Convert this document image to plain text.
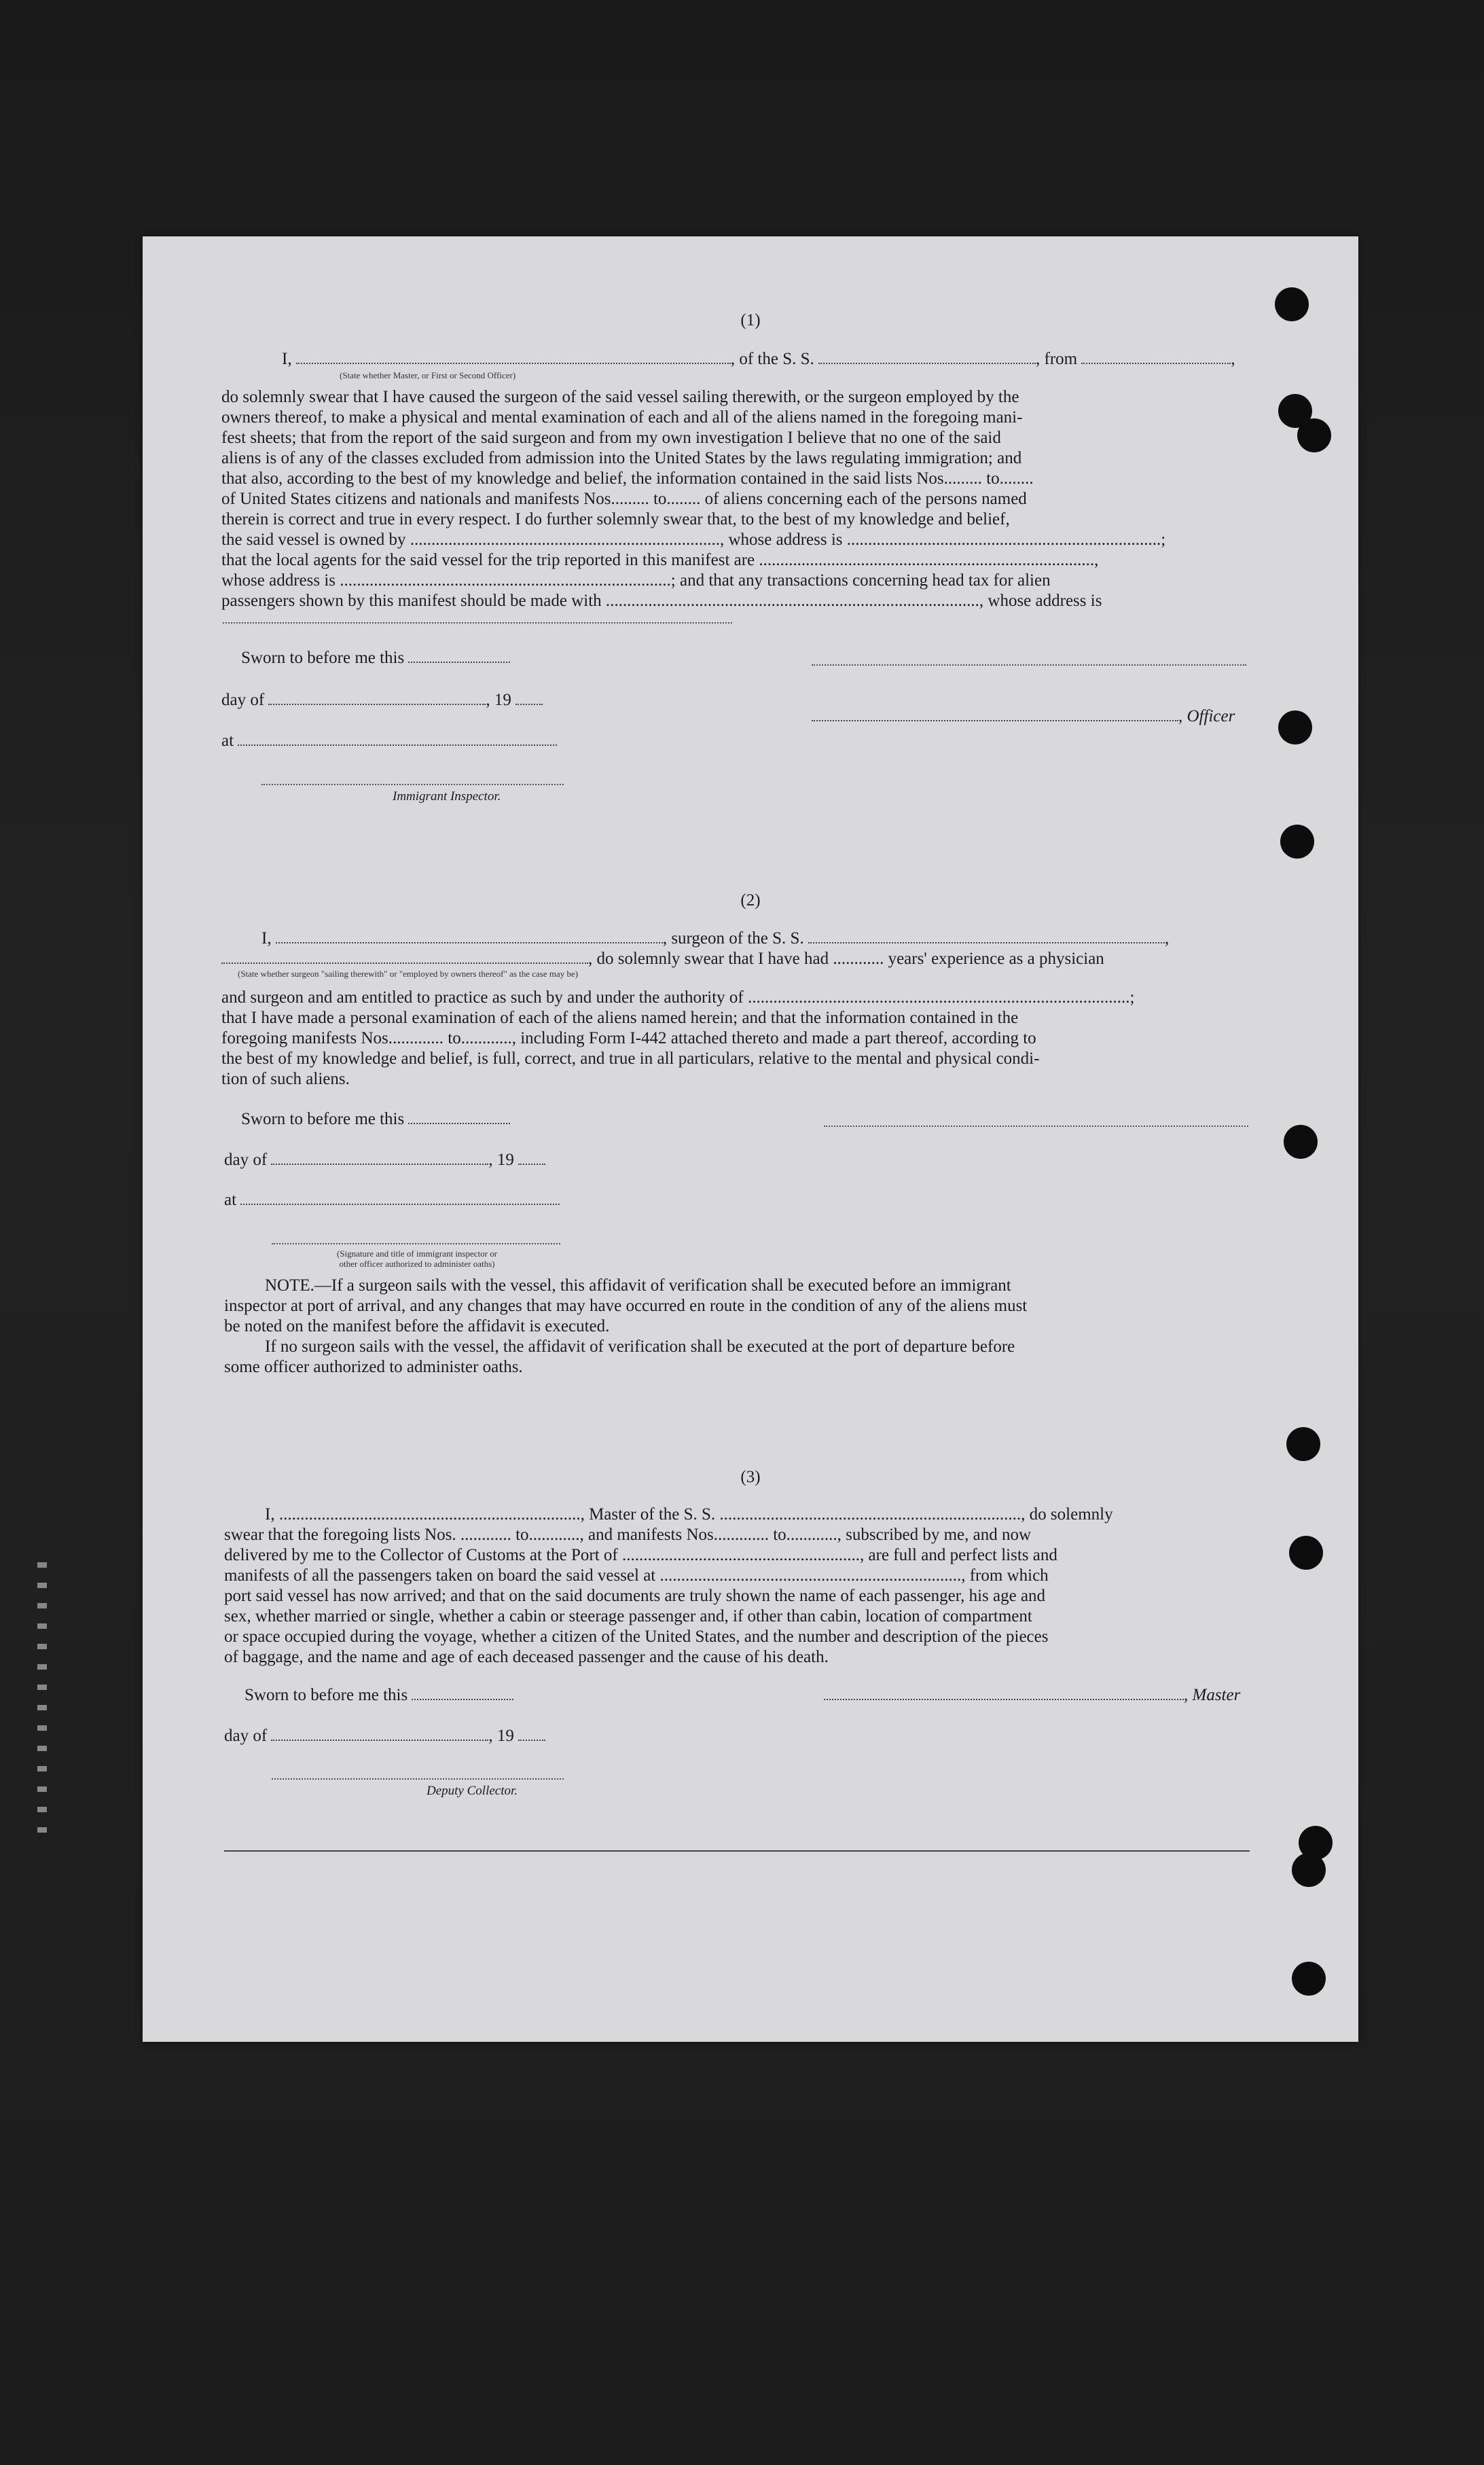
(1)
I,	, of the S. S.	, from	,
(State whether Master, or First or Second Officer)
do solemnly swear that I have caused the surgeon of the said vessel sailing therewith, or the surgeon employed by the
owners thereof, to make a physical and mental examination of each and all of the aliens named in the foregoing mani-
fest sheets; that from the report of the said surgeon and from my own investigation I believe that no one of the said
aliens is of any of the classes excluded from admission into the United States by the laws regulating immigration; and
that also, according to the best of my knowledge and belief, the information contained in the said lists Nos......... to........
of United States citizens and nationals and manifests Nos......... to........ of aliens concerning each of the persons named
therein is correct and true in every respect. I do further solemnly swear that, to the best of my knowledge and belief,
the said vessel is owned by ........................................................................., whose address is ..........................................................................;
that the local agents for the said vessel for the trip reported in this manifest are ...............................................................................,
whose address is ..............................................................................; and that any transactions concerning head tax for alien
passengers shown by this manifest should be made with ........................................................................................, whose address is
Sworn to before me this
day of	, 19
, Officer
at
Immigrant Inspector.
(2)
I,	, surgeon of the S. S.	,
, do solemnly swear that I have had ............ years' experience as a physician
(State whether surgeon "sailing therewith" or "employed by owners thereof" as the case may be)
and surgeon and am entitled to practice as such by and under the authority of ..........................................................................................;
that I have made a personal examination of each of the aliens named herein; and that the information contained in the
foregoing manifests Nos............. to............, including Form I-442 attached thereto and made a part thereof, according to
the best of my knowledge and belief, is full, correct, and true in all particulars, relative to the mental and physical condi-
tion of such aliens.
Sworn to before me this
day of	, 19
at
(Signature and title of immigrant inspector or
other officer authorized to administer oaths)
NOTE.—If a surgeon sails with the vessel, this affidavit of verification shall be executed before an immigrant
inspector at port of arrival, and any changes that may have occurred en route in the condition of any of the aliens must
be noted on the manifest before the affidavit is executed.
If no surgeon sails with the vessel, the affidavit of verification shall be executed at the port of departure before
some officer authorized to administer oaths.
(3)
I, ......................................................................., Master of the S. S. ......................................................................., do solemnly
swear that the foregoing lists Nos. ............ to............, and manifests Nos............. to............, subscribed by me, and now
delivered by me to the Collector of Customs at the Port of ........................................................, are full and perfect lists and
manifests of all the passengers taken on board the said vessel at ......................................................................., from which
port said vessel has now arrived; and that on the said documents are truly shown the name of each passenger, his age and
sex, whether married or single, whether a cabin or steerage passenger and, if other than cabin, location of compartment
or space occupied during the voyage, whether a citizen of the United States, and the number and description of the pieces
of baggage, and the name and age of each deceased passenger and the cause of his death.
Sworn to before me this	, Master
day of	, 19
Deputy Collector.
